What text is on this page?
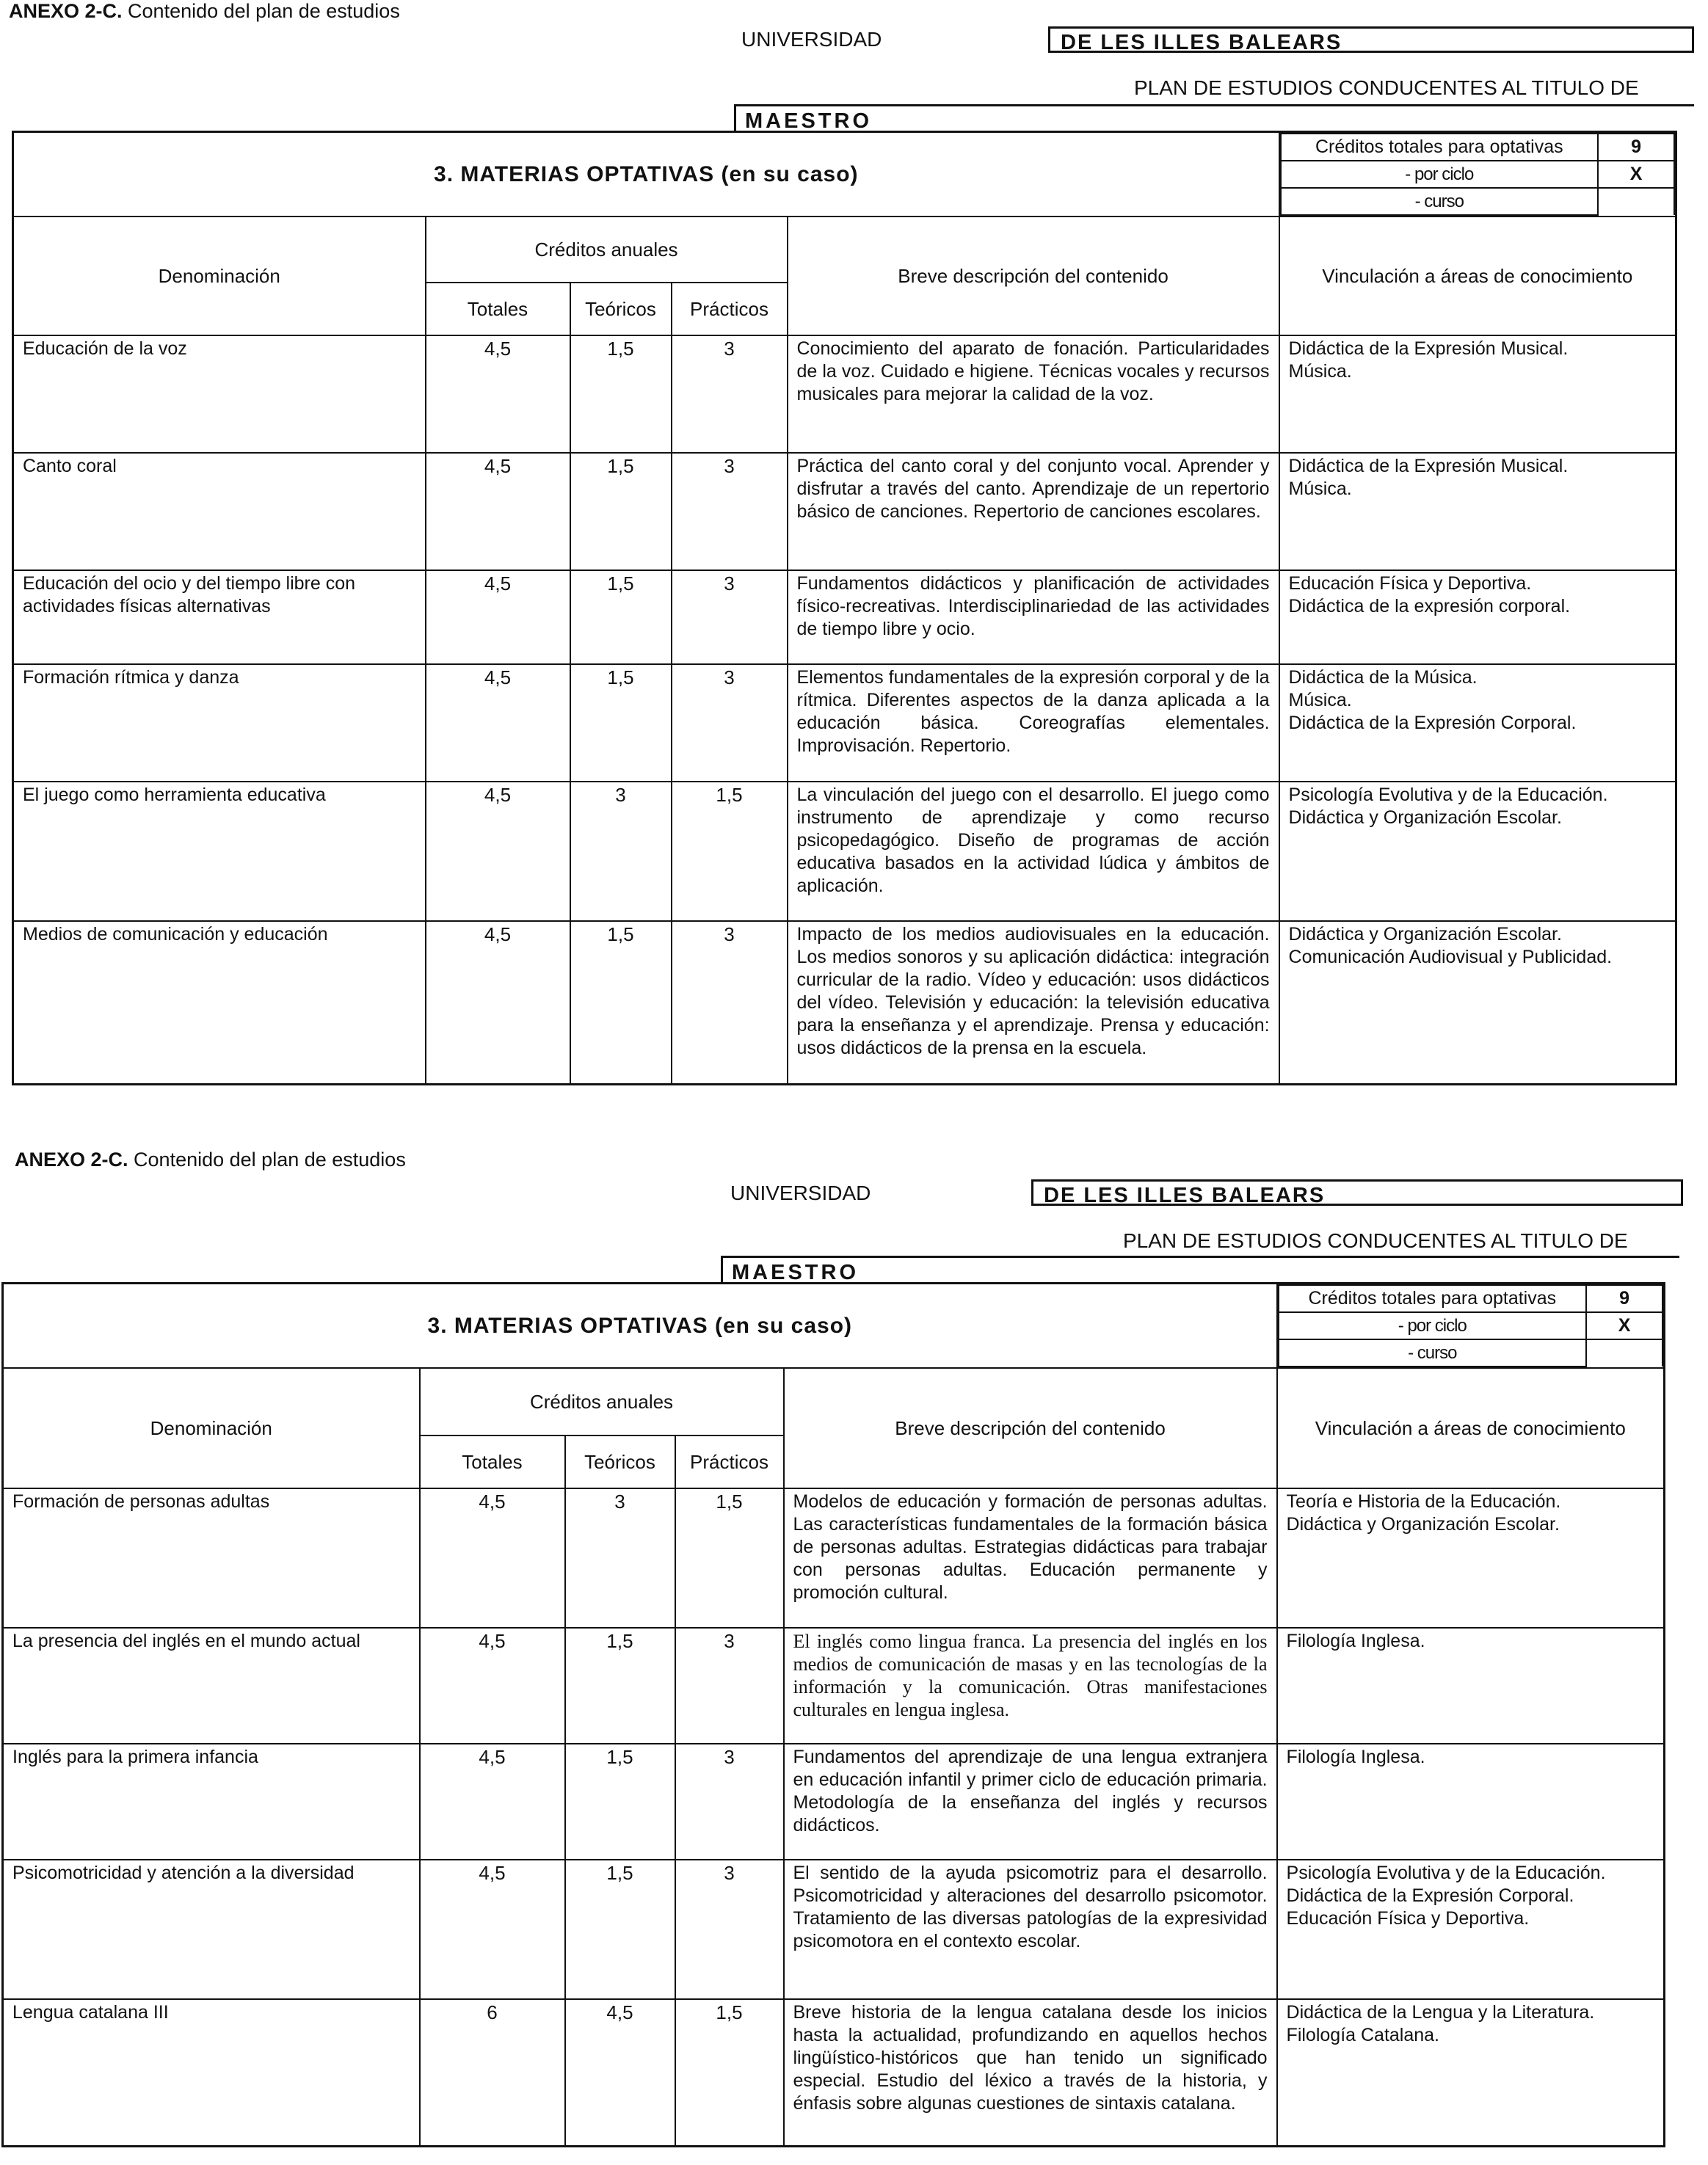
ANEXO 2-C. Contenido del plan de estudios
UNIVERSIDAD	DE LES ILLES BALEARS
PLAN DE ESTUDIOS CONDUCENTES AL TITULO DE
MAESTRO
3. MATERIAS OPTATIVAS (en su caso)	
Créditos totales para optativas	9
- por ciclo	X
- curso	

Denominación	Créditos anuales	Breve descripción del contenido	Vinculación a áreas de conocimiento
Totales	Teóricos	Prácticos
Educación de la voz	4,5	1,5	3	Conocimiento del aparato de fonación. Particularidades de la voz. Cuidado e higiene. Técnicas vocales y recursos musicales para mejorar la calidad de la voz.	Didáctica de la Expresión Musical.
Música.
Canto coral	4,5	1,5	3	Práctica del canto coral y del conjunto vocal. Aprender y disfrutar a través del canto. Aprendizaje de un repertorio básico de canciones. Repertorio de canciones escolares.	Didáctica de la Expresión Musical.
Música.
Educación del ocio y del tiempo libre con actividades físicas alternativas	4,5	1,5	3	Fundamentos didácticos y planificación de actividades físico-recreativas. Interdisciplinariedad de las actividades de tiempo libre y ocio.	Educación Física y Deportiva.
Didáctica de la expresión corporal.
Formación rítmica y danza	4,5	1,5	3	Elementos fundamentales de la expresión corporal y de la rítmica. Diferentes aspectos de la danza aplicada a la educación básica. Coreografías elementales. Improvisación. Repertorio.	Didáctica de la Música.
Música.
Didáctica de la Expresión Corporal.
El juego como herramienta educativa	4,5	3	1,5	La vinculación del juego con el desarrollo. El juego como instrumento de aprendizaje y como recurso psicopedagógico. Diseño de programas de acción educativa basados en la actividad lúdica y ámbitos de aplicación.	Psicología Evolutiva y de la Educación.
Didáctica y Organización Escolar.
Medios de comunicación y educación	4,5	1,5	3	Impacto de los medios audiovisuales en la educación. Los medios sonoros y su aplicación didáctica: integración curricular de la radio. Vídeo y educación: usos didácticos del vídeo. Televisión y educación: la televisión educativa para la enseñanza y el aprendizaje. Prensa y educación: usos didácticos de la prensa en la escuela.	Didáctica y Organización Escolar.
Comunicación Audiovisual y Publicidad.
ANEXO 2-C. Contenido del plan de estudios
UNIVERSIDAD	DE LES ILLES BALEARS
PLAN DE ESTUDIOS CONDUCENTES AL TITULO DE
MAESTRO
3. MATERIAS OPTATIVAS (en su caso)	
Créditos totales para optativas	9
- por ciclo	X
- curso	

Denominación	Créditos anuales	Breve descripción del contenido	Vinculación a áreas de conocimiento
Totales	Teóricos	Prácticos
Formación de personas adultas	4,5	3	1,5	Modelos de educación y formación de personas adultas. Las características fundamentales de la formación básica de personas adultas. Estrategias didácticas para trabajar con personas adultas. Educación permanente y promoción cultural.	Teoría e Historia de la Educación.
Didáctica y Organización Escolar.
La presencia del inglés en el mundo actual	4,5	1,5	3	El inglés como lingua franca. La presencia del inglés en los medios de comunicación de masas y en las tecnologías de la información y la comunicación. Otras manifestaciones culturales en lengua inglesa.	Filología Inglesa.
Inglés para la primera infancia	4,5	1,5	3	Fundamentos del aprendizaje de una lengua extranjera en educación infantil y primer ciclo de educación primaria. Metodología de la enseñanza del inglés y recursos didácticos.	Filología Inglesa.
Psicomotricidad y atención a la diversidad	4,5	1,5	3	El sentido de la ayuda psicomotriz para el desarrollo. Psicomotricidad y alteraciones del desarrollo psicomotor. Tratamiento de las diversas patologías de la expresividad psicomotora en el contexto escolar.	Psicología Evolutiva y de la Educación.
Didáctica de la Expresión Corporal.
Educación Física y Deportiva.
Lengua catalana III	6	4,5	1,5	Breve historia de la lengua catalana desde los inicios hasta la actualidad, profundizando en aquellos hechos lingüístico-históricos que han tenido un significado especial. Estudio del léxico a través de la historia, y énfasis sobre algunas cuestiones de sintaxis catalana.	Didáctica de la Lengua y la Literatura.
Filología Catalana.
